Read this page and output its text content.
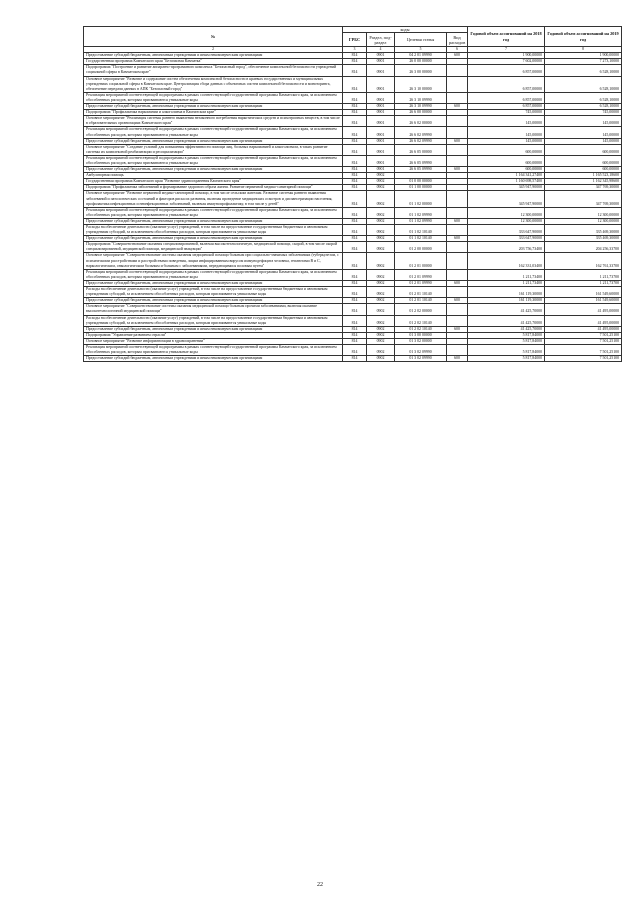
№	коды				Годовой объем ассигнований на 2018 год	Годовой объем ассигнований на 2019 год
	ГРБС	Раздел, под-раздел	Целевая статья	Вид расходов		
2	3	4	5	6	7	8
Предоставление субсидий бюджетным, автономным учреждениям и иным некоммерческим организациям	814	0901	04 2 01 09990	600	1 900,00000	1 900,00000
Государственная программа Камчатского края "Безопасная Камчатка"	814	0901	26 0 00 00000		7 602,00000	7 273,10000
Подпрограмма "Построение и развитие аппаратно-программного комплекса "Безопасный город", обеспечение комплексной безопасности учреждений социальной сферы в Камчатском крае"	814	0901	26 3 00 00000		6 857,00000	6 528,10000
Основное мероприятие "Развитие и содержание систем обеспечения комплексной безопасности в краевых государственных и муниципальных учреждениях социальной сферы в Камчатском крае. Централизация сбора данных с объектовых систем комплексной безопасности и мониторинга, обеспечение передачи данных в АПК "Безопасный город"	814	0901	26 3 10 00000		6 857,00000	6 528,10000
Реализация мероприятий соответствующей подпрограммы в рамках соответствующей государственной программы Камчатского края, за исключением обособленных расходов, которым присваиваются уникальные коды	814	0901	26 3 10 09990		6 857,00000	6 528,10000
Предоставление субсидий бюджетным, автономным учреждениям и иным некоммерческим организациям	814	0901	26 3 10 09990	600	6 857,00000	6 528,10000
Подпрограмма "Профилактика наркомании и алкоголизма в Камчатском крае"	814	0901	26 6 00 00000		745,00000	745,00000
Основное мероприятие "Реализация системы раннего выявления незаконного потребления наркотических средств и психотропных веществ, в том числе в образовательных организациях Камчатского края"	814	0901	26 6 02 00000		145,00000	145,00000
Реализация мероприятий соответствующей подпрограммы в рамках соответствующей государственной программы Камчатского края, за исключением обособленных расходов, которым присваиваются уникальные коды	814	0901	26 6 02 09990		145,00000	145,00000
Предоставление субсидий бюджетным, автономным учреждениям и иным некоммерческим организациям	814	0901	26 6 02 09990	600	145,00000	145,00000
Основное мероприятие "Создание условий для повышения эффективности помощи лиц, больных наркоманией и алкоголизмом, в таких развитие системы их комплексной реабилитации и ресоциализации"	814	0901	26 6 05 00000		600,00000	600,00000
Реализация мероприятий соответствующей подпрограммы в рамках соответствующей государственной программы Камчатского края, за исключением обособленных расходов, которым присваиваются уникальные коды	814	0901	26 6 05 09990		600,00000	600,00000
Предоставление субсидий бюджетным, автономным учреждениям и иным некоммерческим организациям	814	0901	26 6 05 09990	600	600,00000	600,00000
Амбулаторная помощь	814	0902			1 164 341,27400	1 165 523,18600
Государственная программа Камчатского края "Развитие здравоохранения Камчатского края"	814	0902	01 0 00 00000		1 160 698,57400	1 162 345,98600
Подпрограмма "Профилактика заболеваний и формирование здорового образа жизни. Развитие первичной медико-санитарной помощи"	814	0902	01 1 00 00000		345 947,90000	347 769,30000
Основное мероприятие "Развитие первичной медико-санитарной помощи, в том числе сельским жителям. Развитие системы раннего выявления заболеваний и патологических состояний и факторов риска их развития, включая проведение медицинских осмотров и диспансеризации населения, профилактика инфекционных и неинфекционных заболеваний, включая иммунопрофилактику, в том числе у детей"	814	0902	01 1 02 00000		345 947,90000	347 769,30000
Реализация мероприятий соответствующей подпрограммы в рамках соответствующей государственной программы Камчатского края, за исключением обособленных расходов, которым присваиваются уникальные коды	814	0902	01 1 02 09990		12 300,00000	12 300,00000
Предоставление субсидий бюджетным, автономным учреждениям и иным некоммерческим организациям	814	0902	01 1 02 09990	600	12 300,00000	12 300,00000
Расходы на обеспечение деятельности (оказание услуг) учреждений, в том числе на предоставление государственным бюджетным и автономным учреждениям субсидий, за исключением обособленных расходов, которым присваиваются уникальные коды	814	0902	01 1 02 10140		333 647,90000	335 469,30000
Предоставление субсидий бюджетным, автономным учреждениям и иным некоммерческим организациям	814	0902	01 1 02 10140	600	333 647,90000	335 469,30000
Подпрограмма "Совершенствование оказания специализированной, включая высокотехнологичную, медицинской помощи, скорой, в том числе скорой специализированной, медицинской помощи, медицинской эвакуации"	814	0902	01 2 00 00000		203 756,73400	204 256,33700
Основное мероприятие "Совершенствование системы оказания медицинской помощи больным при социально-значимых заболеваниях (туберкулезом, с психическими расстройствами и расстройствами поведения, лицам инфицированным вирусом иммунодефицита человека, гепатитами В и С, наркологическим, онкологическим больным и больным с заболеваниями, передающимися половым путем"	814	0902	01 2 01 00000		162 331,03400	162 761,33700
Реализация мероприятий соответствующей подпрограммы в рамках соответствующей государственной программы Камчатского края, за исключением обособленных расходов, которым присваиваются уникальные коды	814	0902	01 2 01 09990		1 211,73400	1 211,73700
Предоставление субсидий бюджетным, автономным учреждениям и иным некоммерческим организациям	814	0902	01 2 01 09990	600	1 211,73400	1 211,73700
Расходы на обеспечение деятельности (оказание услуг) учреждений, в том числе на предоставление государственным бюджетным и автономным учреждениям субсидий, за исключением обособленных расходов, которым присваиваются уникальные коды	814	0902	01 2 01 10140		161 119,30000	161 549,60000
Предоставление субсидий бюджетным, автономным учреждениям и иным некоммерческим организациям	814	0902	01 2 01 10140	600	161 119,30000	161 549,60000
Основное мероприятие "Совершенствование системы оказания медицинской помощи больным прочими заболеваниями, включая оказание высокотехнологичной медицинской помощи"	814	0902	01 2 02 00000		41 425,70000	41 495,00000
Расходы на обеспечение деятельности (оказание услуг) учреждений, в том числе на предоставление государственным бюджетным и автономным учреждениям субсидий, за исключением обособленных расходов, которым присваиваются уникальные коды	814	0902	01 2 02 10140		41 425,70000	41 495,00000
Предоставление субсидий бюджетным, автономным учреждениям и иным некоммерческим организациям	814	0902	01 2 02 10140	600	41 425,70000	41 495,00000
Подпрограмма "Управление развитием отрасли"	814	0902	01 3 00 00000		5 817,84000	7 501,25100
Основное мероприятие "Развитие информатизации в здравоохранении"	814	0902	01 3 02 00000		5 817,84000	7 501,25100
Реализация мероприятий соответствующей подпрограммы в рамках соответствующей государственной программы Камчатского края, за исключением обособленных расходов, которым присваиваются уникальные коды	814	0902	01 3 02 09990		5 817,84000	7 501,25100
Предоставление субсидий бюджетным, автономным учреждениям и иным некоммерческим организациям	814	0902	01 3 02 09990	600	5 817,84000	7 501,25100
22
